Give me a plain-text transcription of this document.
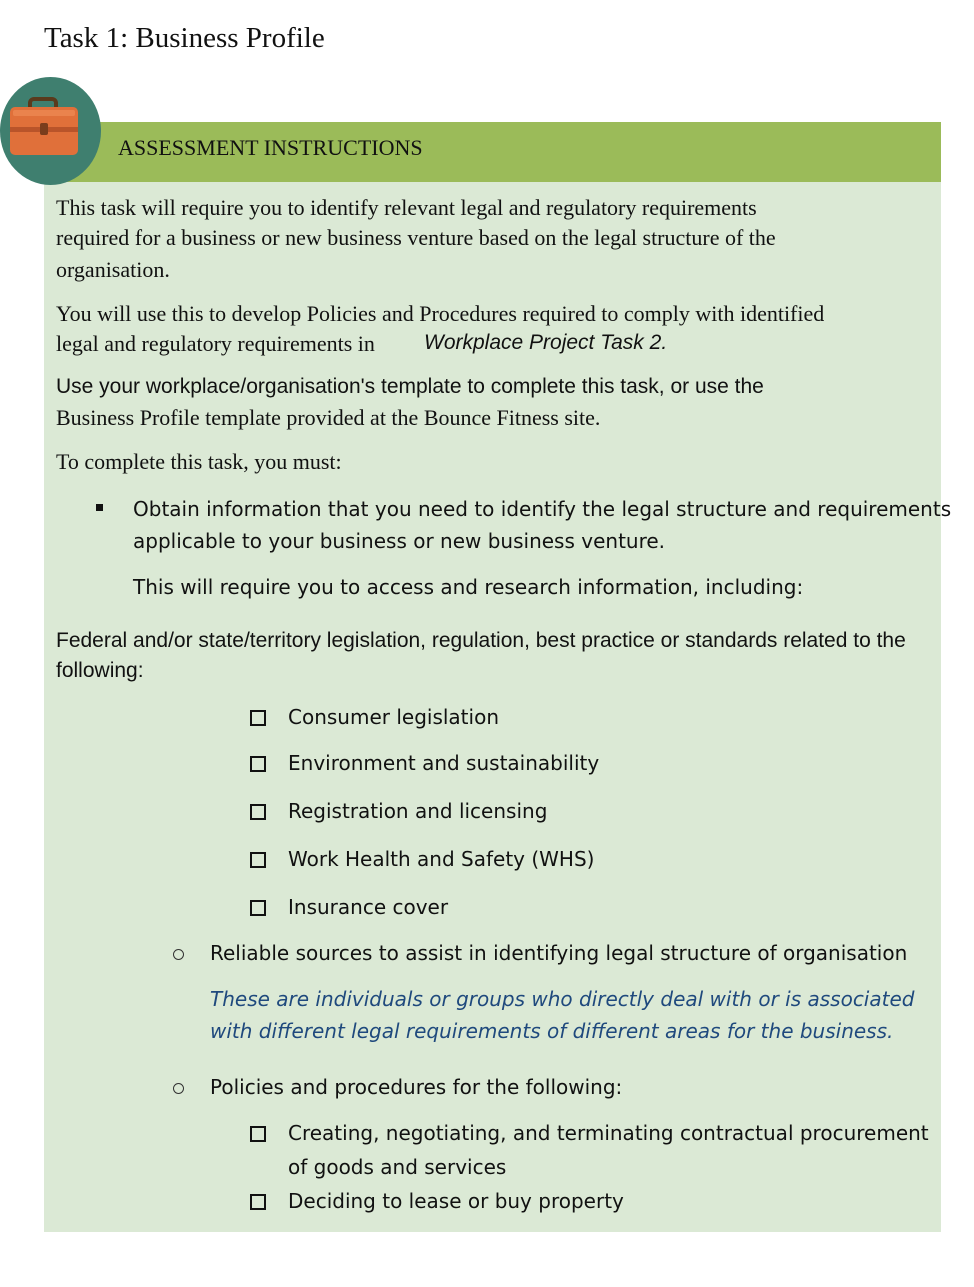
Task 1: Business Profile
ASSESSMENT INSTRUCTIONS

This task will require you to identify relevant legal and regulatory requirements

required for a business or new business venture based on the legal structure of the

organisation.

You will use this to develop Policies and Procedures required to comply with identified

legal and regulatory requirements in Workplace Project Task 2.

Use your workplace/organisation's template to complete this task, or use the

Business Profile template provided at the Bounce Fitness site.

To complete this task, you must:

Obtain information that you need to identify the legal structure and requirements

applicable to your business or new business venture.

This will require you to access and research information, including:

Federal and/or state/territory legislation, regulation, best practice or standards related to the

following:

Consumer legislation

Environment and sustainability

Registration and licensing

Work Health and Safety (WHS)

Insurance cover

Reliable sources to assist in identifying legal structure of organisation

These are individuals or groups who directly deal with or is associated

with different legal requirements of different areas for the business.

Policies and procedures for the following:

Creating, negotiating, and terminating contractual procurement

of goods and services

Deciding to lease or buy property
